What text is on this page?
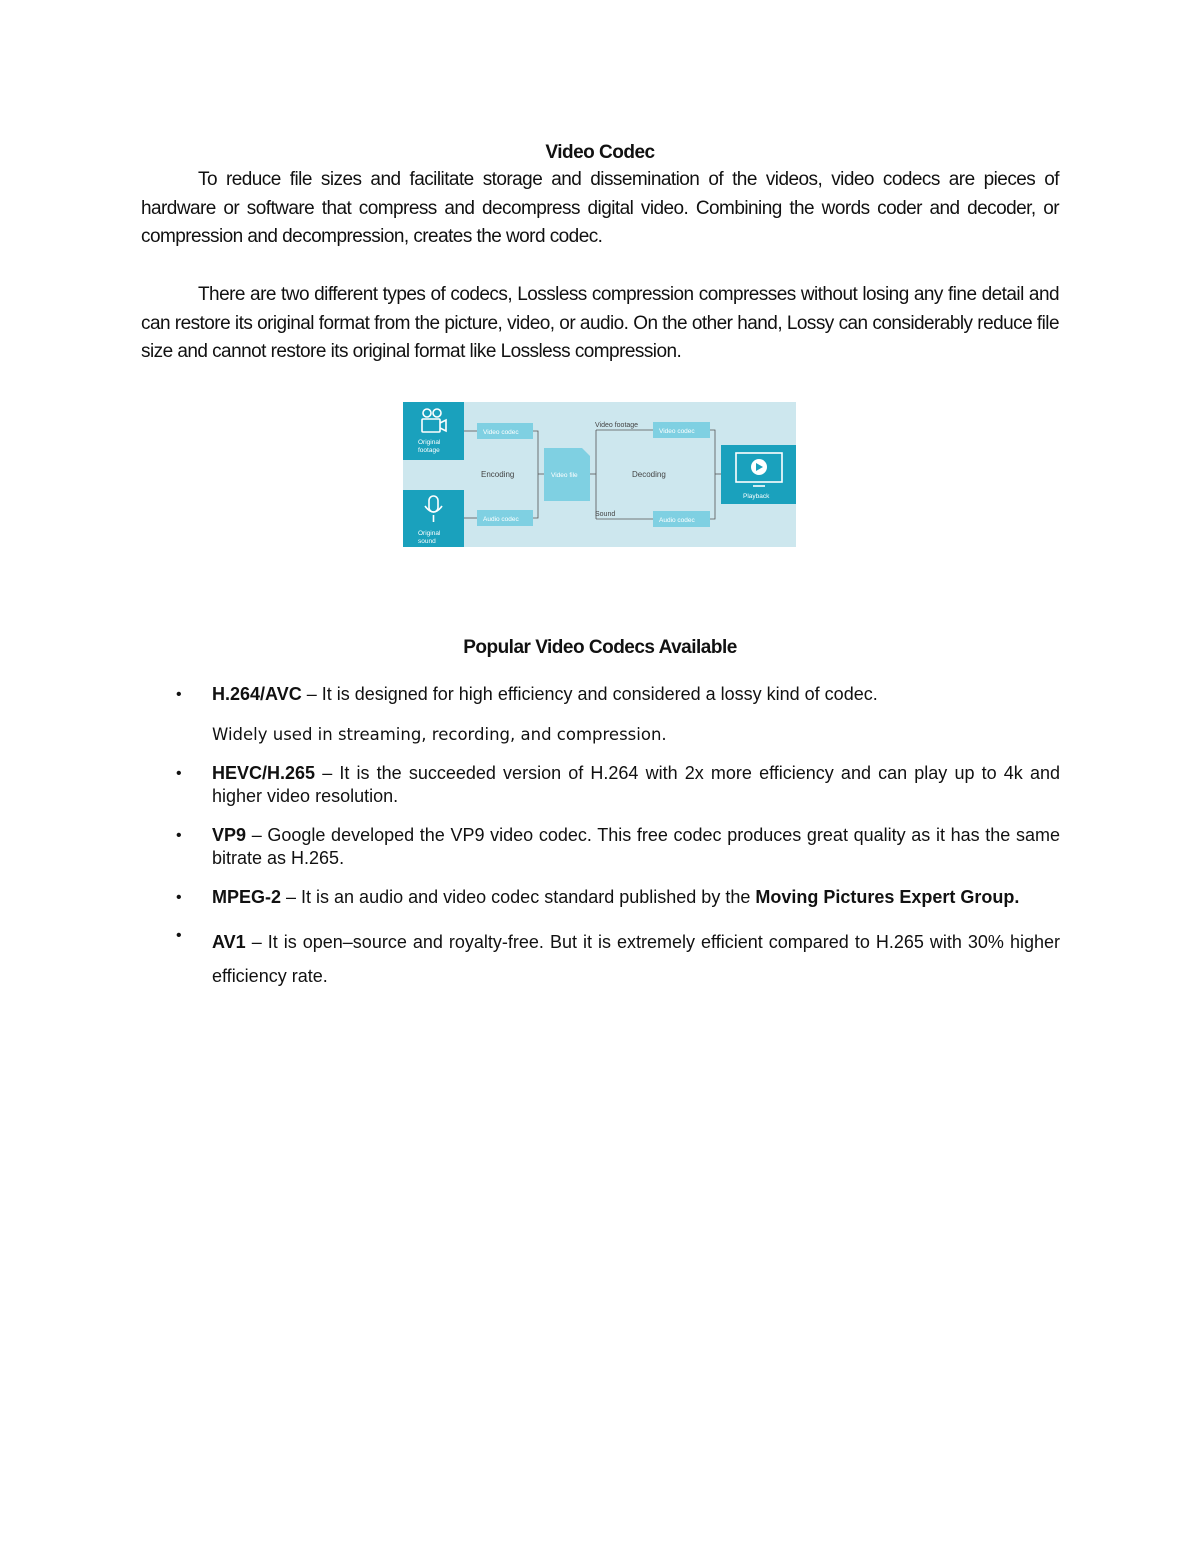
Video Codec
To reduce file sizes and facilitate storage and dissemination of the videos, video codecs are pieces of hardware or software that compress and decompress digital video. Combining the words coder and decoder, or compression and decompression, creates the word codec.
There are two different types of codecs, Lossless compression compresses without losing any fine detail and can restore its original format from the picture, video, or audio. On the other hand, Lossy can considerably reduce file size and cannot restore its original format like Lossless compression.
Original
footage
Original
sound
Video codec
Audio codec
Encoding	Video file	Decoding
Video footage
Sound
Video codec
Audio codec
Playback
Popular Video Codecs Available
• H.264/AVC – It is designed for high efficiency and considered a lossy kind of codec.
Widely used in streaming, recording, and compression.
• HEVC/H.265 – It is the succeeded version of H.264 with 2x more efficiency and can play up to 4k and higher video resolution.
• VP9 – Google developed the VP9 video codec. This free codec produces great quality as it has the same bitrate as H.265.
• MPEG-2 – It is an audio and video codec standard published by the Moving Pictures Expert Group.
• AV1 – It is open–source and royalty-free. But it is extremely efficient compared to H.265 with 30% higher efficiency rate.
